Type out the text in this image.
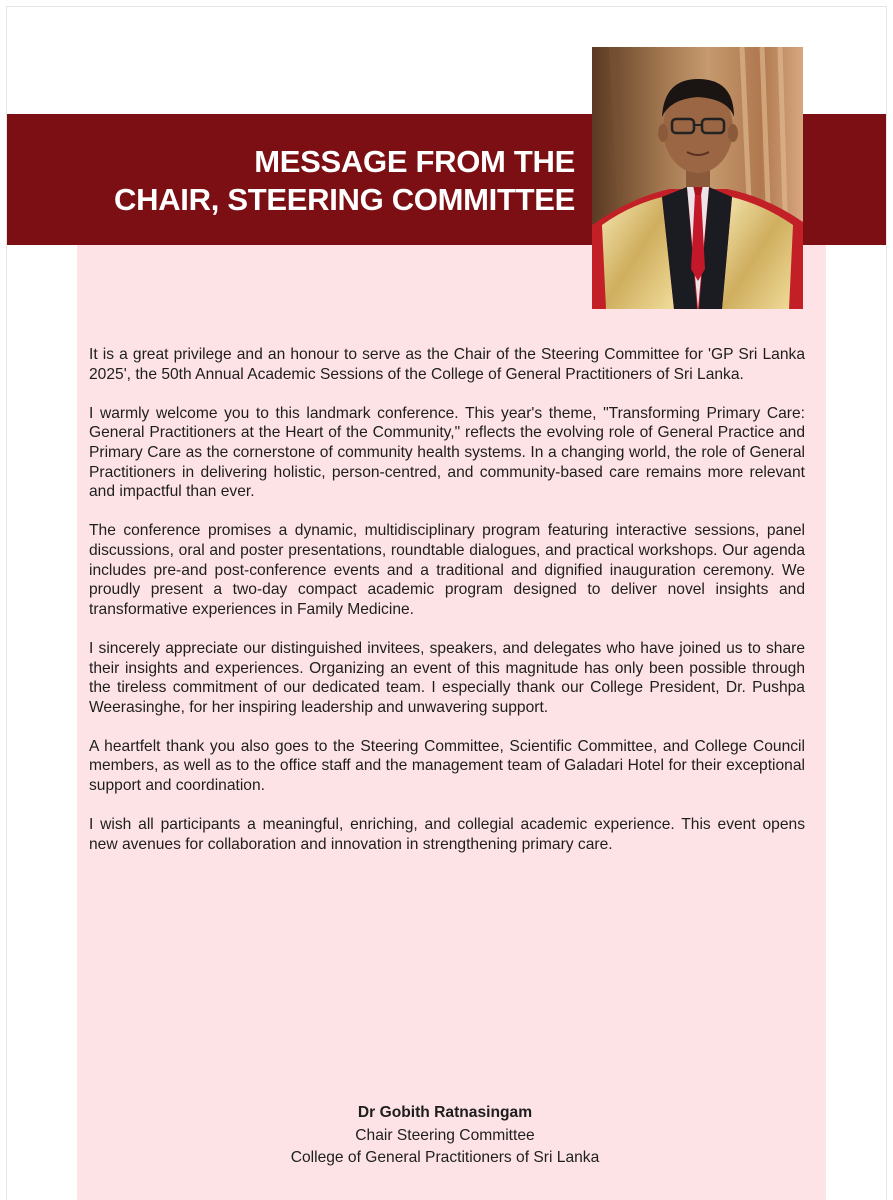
MESSAGE FROM THE
CHAIR, STEERING COMMITTEE

It is a great privilege and an honour to serve as the Chair of the Steering Committee for 'GP Sri Lanka 2025', the 50th Annual Academic Sessions of the College of General Practitioners of Sri Lanka.

I warmly welcome you to this landmark conference. This year's theme, "Transforming Primary Care: General Practitioners at the Heart of the Community," reflects the evolving role of General Practice and Primary Care as the cornerstone of community health systems. In a changing world, the role of General Practitioners in delivering holistic, person-centred, and community-based care remains more relevant and impactful than ever.

The conference promises a dynamic, multidisciplinary program featuring interactive sessions, panel discussions, oral and poster presentations, roundtable dialogues, and practical workshops. Our agenda includes pre-and post-conference events and a traditional and dignified inauguration ceremony. We proudly present a two-day compact academic program designed to deliver novel insights and transformative experiences in Family Medicine.

I sincerely appreciate our distinguished invitees, speakers, and delegates who have joined us to share their insights and experiences. Organizing an event of this magnitude has only been possible through the tireless commitment of our dedicated team. I especially thank our College President, Dr. Pushpa Weerasinghe, for her inspiring leadership and unwavering support.

A heartfelt thank you also goes to the Steering Committee, Scientific Committee, and College Council members, as well as to the office staff and the management team of Galadari Hotel for their exceptional support and coordination.

I wish all participants a meaningful, enriching, and collegial academic experience. This event opens new avenues for collaboration and innovation in strengthening primary care.

Dr Gobith Ratnasingam
Chair Steering Committee
College of General Practitioners of Sri Lanka
